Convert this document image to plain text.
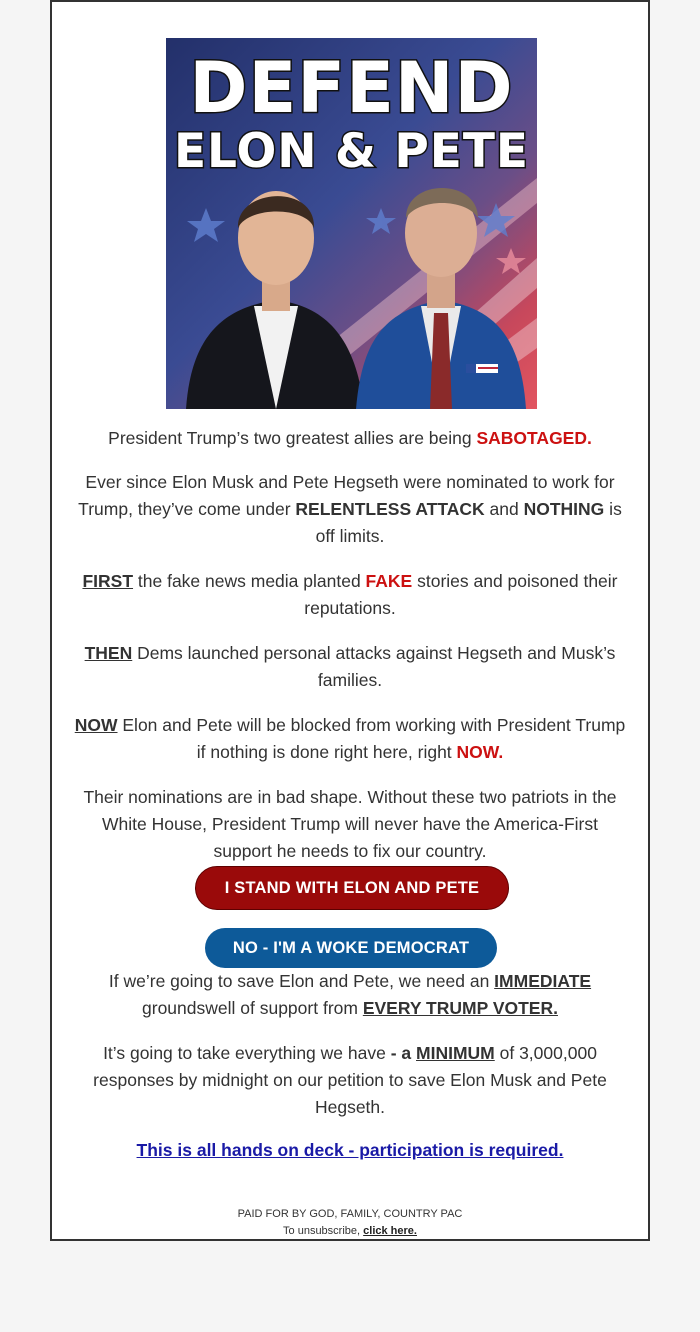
DEFEND
ELON & PETE

President Trump’s two greatest allies are being SABOTAGED.

Ever since Elon Musk and Pete Hegseth were nominated to work for Trump, they’ve come under RELENTLESS ATTACK and NOTHING is off limits.

FIRST the fake news media planted FAKE stories and poisoned their reputations.

THEN Dems launched personal attacks against Hegseth and Musk’s families.

NOW Elon and Pete will be blocked from working with President Trump if nothing is done right here, right NOW.

Their nominations are in bad shape. Without these two patriots in the White House, President Trump will never have the America-First support he needs to fix our country.

If we’re going to save Elon and Pete, we need an IMMEDIATE groundswell of support from EVERY TRUMP VOTER.

It’s going to take everything we have - a MINIMUM of 3,000,000 responses by midnight on our petition to save Elon Musk and Pete Hegseth.

I STAND WITH ELON AND PETE
NO - I'M A WOKE DEMOCRAT
This is all hands on deck - participation is required.
PAID FOR BY GOD, FAMILY, COUNTRY PAC
To unsubscribe, click here.
